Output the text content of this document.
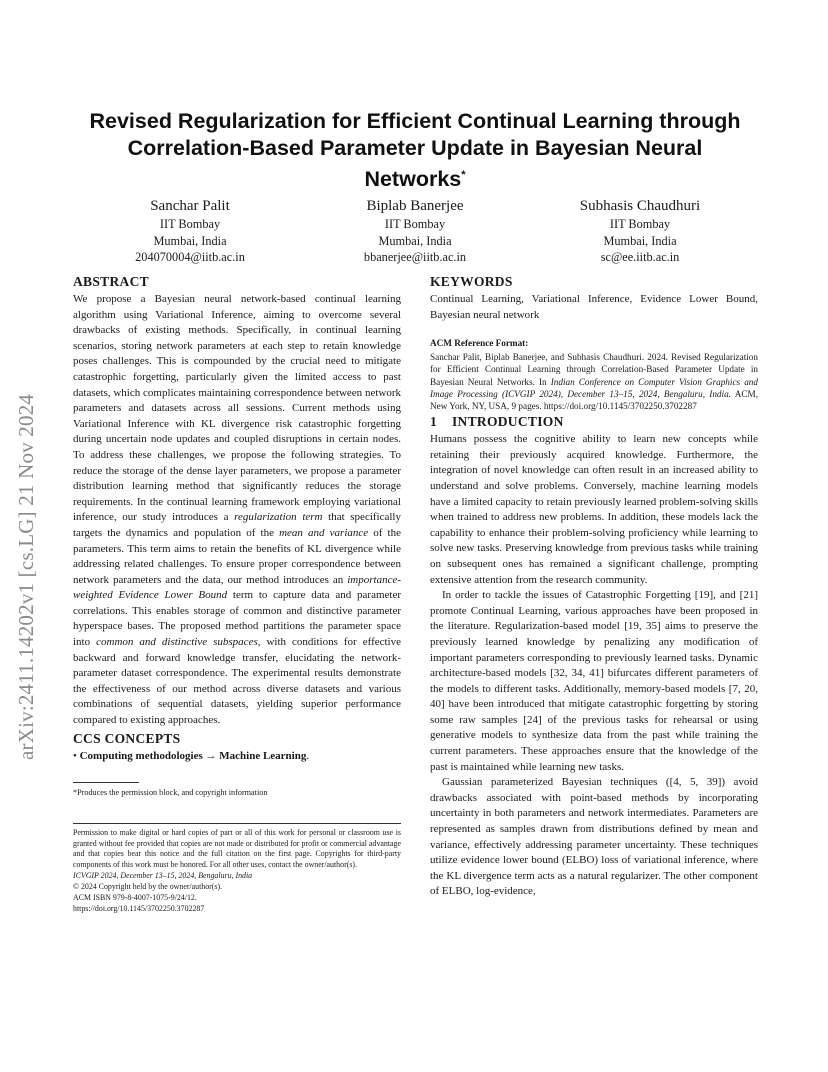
arXiv:2411.14202v1 [cs.LG] 21 Nov 2024
Revised Regularization for Efficient Continual Learning through
Correlation-Based Parameter Update in Bayesian Neural
Networks*
Sanchar Palit
IIT Bombay
Mumbai, India
204070004@iitb.ac.in
Biplab Banerjee
IIT Bombay
Mumbai, India
bbanerjee@iitb.ac.in
Subhasis Chaudhuri
IIT Bombay
Mumbai, India
sc@ee.iitb.ac.in
ABSTRACT

We propose a Bayesian neural network-based continual learning algorithm using Variational Inference, aiming to overcome several drawbacks of existing methods. Specifically, in continual learning scenarios, storing network parameters at each step to retain knowledge poses challenges. This is compounded by the crucial need to mitigate catastrophic forgetting, particularly given the limited access to past datasets, which complicates maintaining correspondence between network parameters and datasets across all sessions. Current methods using Variational Inference with KL divergence risk catastrophic forgetting during uncertain node updates and coupled disruptions in certain nodes. To address these challenges, we propose the following strategies. To reduce the storage of the dense layer parameters, we propose a parameter distribution learning method that significantly reduces the storage requirements. In the continual learning framework employing variational inference, our study introduces a regularization term that specifically targets the dynamics and population of the mean and variance of the parameters. This term aims to retain the benefits of KL divergence while addressing related challenges. To ensure proper correspondence between network parameters and the data, our method introduces an importance-weighted Evidence Lower Bound term to capture data and parameter correlations. This enables storage of common and distinctive parameter hyperspace bases. The proposed method partitions the parameter space into common and distinctive subspaces, with conditions for effective backward and forward knowledge transfer, elucidating the network-parameter dataset correspondence. The experimental results demonstrate the effectiveness of our method across diverse datasets and various combinations of sequential datasets, yielding superior performance compared to existing approaches.

CCS CONCEPTS
• Computing methodologies → Machine Learning.
*Produces the permission block, and copyright information
Permission to make digital or hard copies of part or all of this work for personal or classroom use is granted without fee provided that copies are not made or distributed for profit or commercial advantage and that copies bear this notice and the full citation on the first page. Copyrights for third-party components of this work must be honored. For all other uses, contact the owner/author(s).
ICVGIP 2024, December 13–15, 2024, Bengaluru, India
© 2024 Copyright held by the owner/author(s).
ACM ISBN 979-8-4007-1075-9/24/12.
https://doi.org/10.1145/3702250.3702287
KEYWORDS

Continual Learning, Variational Inference, Evidence Lower Bound, Bayesian neural network

ACM Reference Format:
Sanchar Palit, Biplab Banerjee, and Subhasis Chaudhuri. 2024. Revised Regularization for Efficient Continual Learning through Correlation-Based Parameter Update in Bayesian Neural Networks. In Indian Conference on Computer Vision Graphics and Image Processing (ICVGIP 2024), December 13–15, 2024, Bengaluru, India. ACM, New York, NY, USA, 9 pages. https://doi.org/10.1145/3702250.3702287
1 INTRODUCTION

Humans possess the cognitive ability to learn new concepts while retaining their previously acquired knowledge. Furthermore, the integration of novel knowledge can often result in an increased ability to understand and solve problems. Conversely, machine learning models have a limited capacity to retain previously learned problem-solving skills when trained to address new problems. In addition, these models lack the capability to enhance their problem-solving proficiency while learning to solve new tasks. Preserving knowledge from previous tasks while training on subsequent ones has remained a significant challenge, prompting extensive attention from the research community.

In order to tackle the issues of Catastrophic Forgetting [19], and [21] promote Continual Learning, various approaches have been proposed in the literature. Regularization-based model [19, 35] aims to preserve the previously learned knowledge by penalizing any modification of important parameters corresponding to previously learned tasks. Dynamic architecture-based models [32, 34, 41] bifurcates different parameters of the models to different tasks. Additionally, memory-based models [7, 20, 40] have been introduced that mitigate catastrophic forgetting by storing some raw samples [24] of the previous tasks for rehearsal or using generative models to synthesize data from the past while training the current parameters. These approaches ensure that the knowledge of the past is maintained while learning new tasks.

Gaussian parameterized Bayesian techniques ([4, 5, 39]) avoid drawbacks associated with point-based methods by incorporating uncertainty in both parameters and network intermediates. Parameters are represented as samples drawn from distributions defined by mean and variance, effectively addressing parameter uncertainty. These techniques utilize evidence lower bound (ELBO) loss of variational inference, where the KL divergence term acts as a natural regularizer. The other component of ELBO, log-evidence,
